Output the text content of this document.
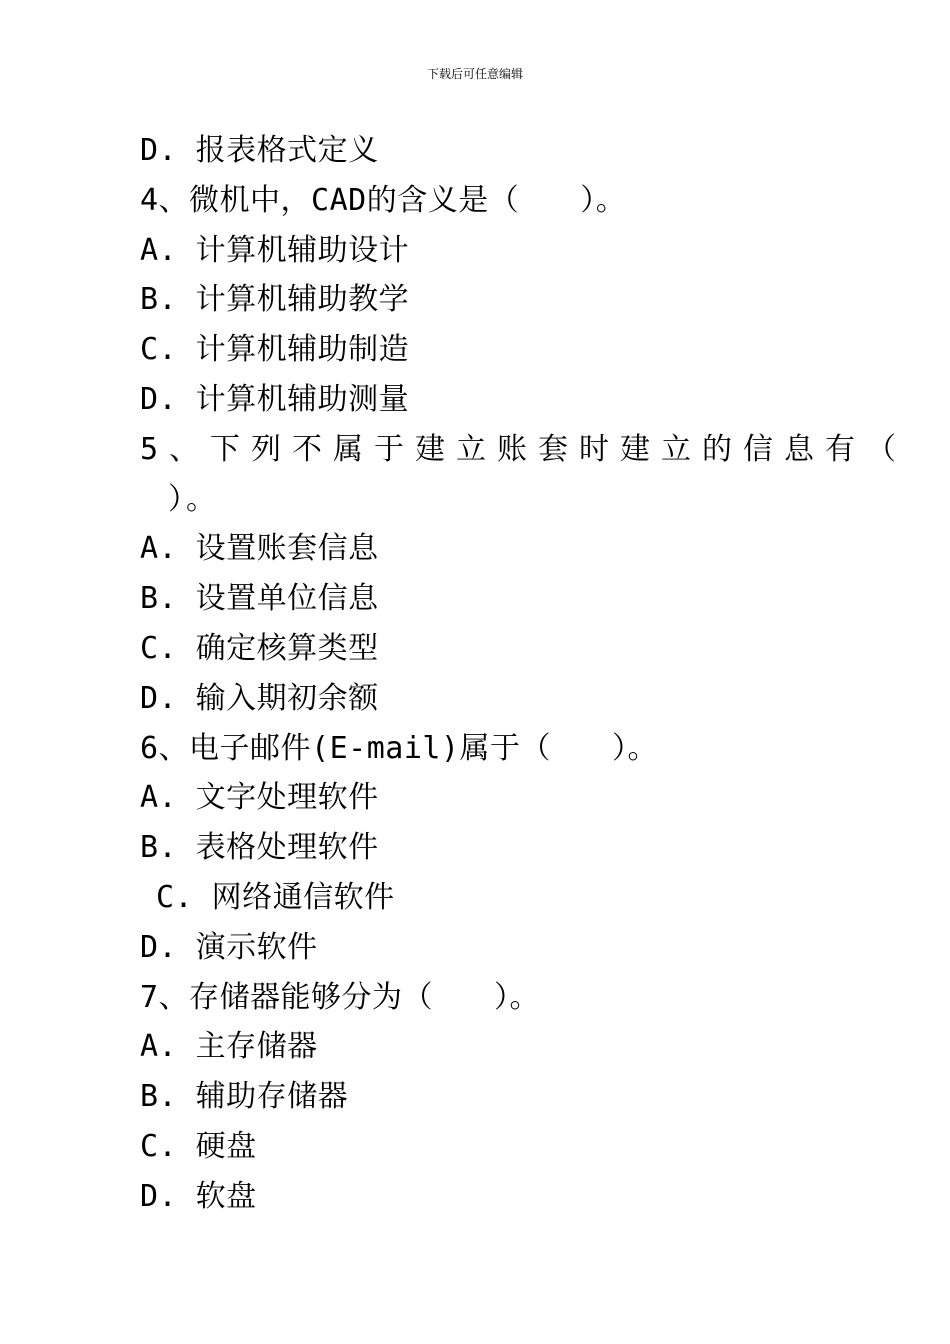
下载后可任意编辑
D. 报表格式定义
4、微机中，CAD的含义是（　　）。
A. 计算机辅助设计
B. 计算机辅助教学
C. 计算机辅助制造
D. 计算机辅助测量
5、下列不属于建立账套时建立的信息有（
）。
A. 设置账套信息
B. 设置单位信息
C. 确定核算类型
D. 输入期初余额
6、电子邮件(E-mail)属于（　　）。
A. 文字处理软件
B. 表格处理软件
C. 网络通信软件
D. 演示软件
7、存储器能够分为（　　）。
A. 主存储器
B. 辅助存储器
C. 硬盘
D. 软盘
